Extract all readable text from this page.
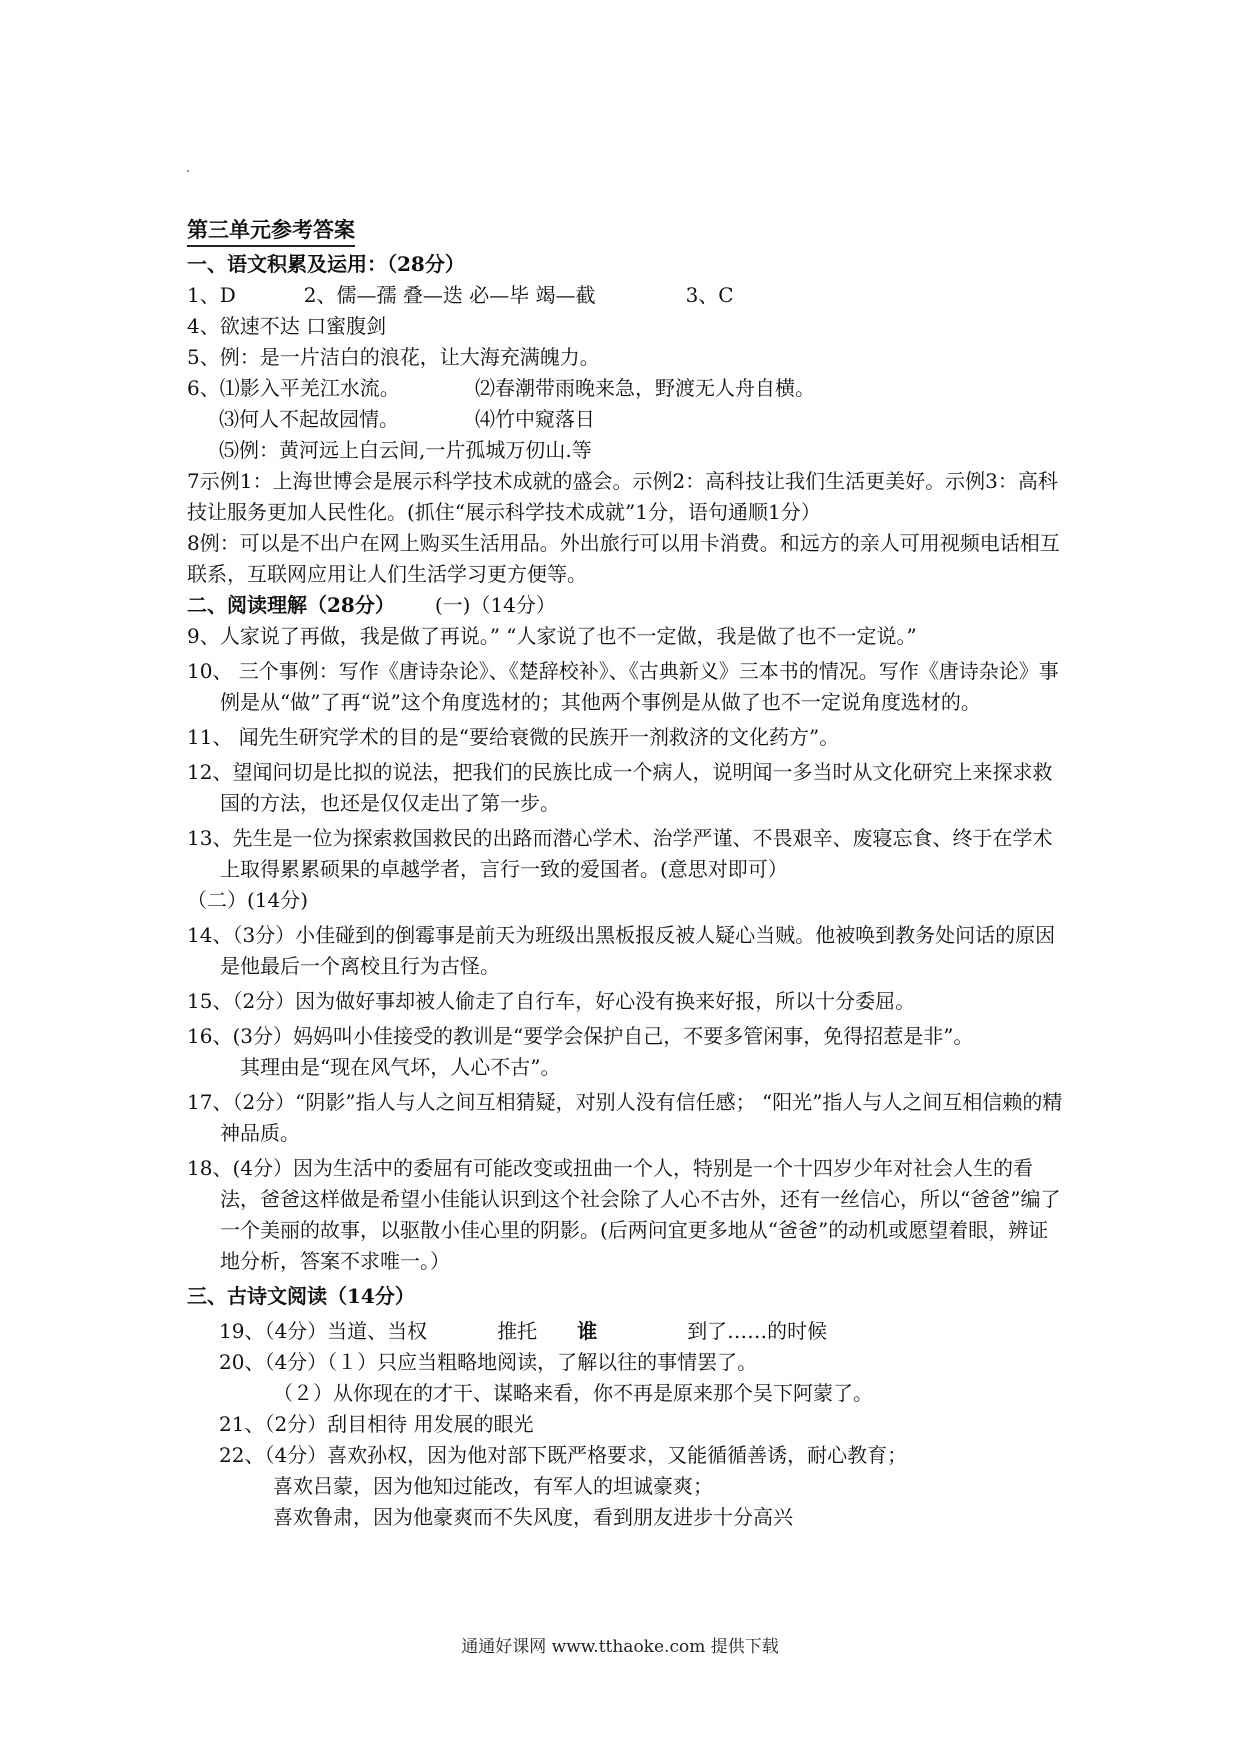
第三单元参考答案
一、语文积累及运用：（28分）
1、D	2、儒—孺 叠—迭 必—毕 竭—截	3、C
4、欲速不达 口蜜腹剑
5、例：是一片洁白的浪花，让大海充满魄力。
6、⑴影入平羌江水流。	⑵春潮带雨晚来急，野渡无人舟自横。
⑶何人不起故园情。	⑷竹中窥落日
⑸例：黄河远上白云间,一片孤城万仞山.等
7示例1：上海世博会是展示科学技术成就的盛会。示例2：高科技让我们生活更美好。示例3：高科技让服务更加人民性化。(抓住“展示科学技术成就”1分，语句通顺1分）
8例：可以是不出户在网上购买生活用品。外出旅行可以用卡消费。和远方的亲人可用视频电话相互联系，互联网应用让人们生活学习更方便等。
二、阅读理解（28分） (一)（14分）
9、人家说了再做，我是做了再说。” “人家说了也不一定做，我是做了也不一定说。”
10、 三个事例：写作《唐诗杂论》、《楚辞校补》、《古典新义》三本书的情况。写作《唐诗杂论》事例是从“做”了再“说”这个角度选材的；其他两个事例是从做了也不一定说角度选材的。
11、 闻先生研究学术的目的是“要给衰微的民族开一剂救济的文化药方”。
12、望闻问切是比拟的说法，把我们的民族比成一个病人，说明闻一多当时从文化研究上来探求救国的方法，也还是仅仅走出了第一步。
13、先生是一位为探索救国救民的出路而潜心学术、治学严谨、不畏艰辛、废寝忘食、终于在学术上取得累累硕果的卓越学者，言行一致的爱国者。(意思对即可）
（二）(14分)
14、（3分）小佳碰到的倒霉事是前天为班级出黑板报反被人疑心当贼。他被唤到教务处问话的原因是他最后一个离校且行为古怪。
15、（2分）因为做好事却被人偷走了自行车，好心没有换来好报，所以十分委屈。
16、(3分）妈妈叫小佳接受的教训是“要学会保护自己，不要多管闲事，免得招惹是非”。
其理由是“现在风气坏，人心不古”。
17、（2分）“阴影”指人与人之间互相猜疑，对别人没有信任感； “阳光”指人与人之间互相信赖的精神品质。
18、(4分）因为生活中的委屈有可能改变或扭曲一个人，特别是一个十四岁少年对社会人生的看法，爸爸这样做是希望小佳能认识到这个社会除了人心不古外，还有一丝信心，所以“爸爸”编了一个美丽的故事，以驱散小佳心里的阴影。(后两问宜更多地从“爸爸”的动机或愿望着眼，辨证地分析，答案不求唯一。）
三、古诗文阅读（14分）
19、（4分）当道、当权	推托 谁	到了……的时候
20、（4分）（１）只应当粗略地阅读，了解以往的事情罢了。
（２）从你现在的才干、谋略来看，你不再是原来那个吴下阿蒙了。
21、（2分）刮目相待 用发展的眼光
22、（4分）喜欢孙权，因为他对部下既严格要求，又能循循善诱，耐心教育；
喜欢吕蒙，因为他知过能改，有军人的坦诚豪爽；
喜欢鲁肃，因为他豪爽而不失风度，看到朋友进步十分高兴
通通好课网 www.tthaoke.com 提供下载
